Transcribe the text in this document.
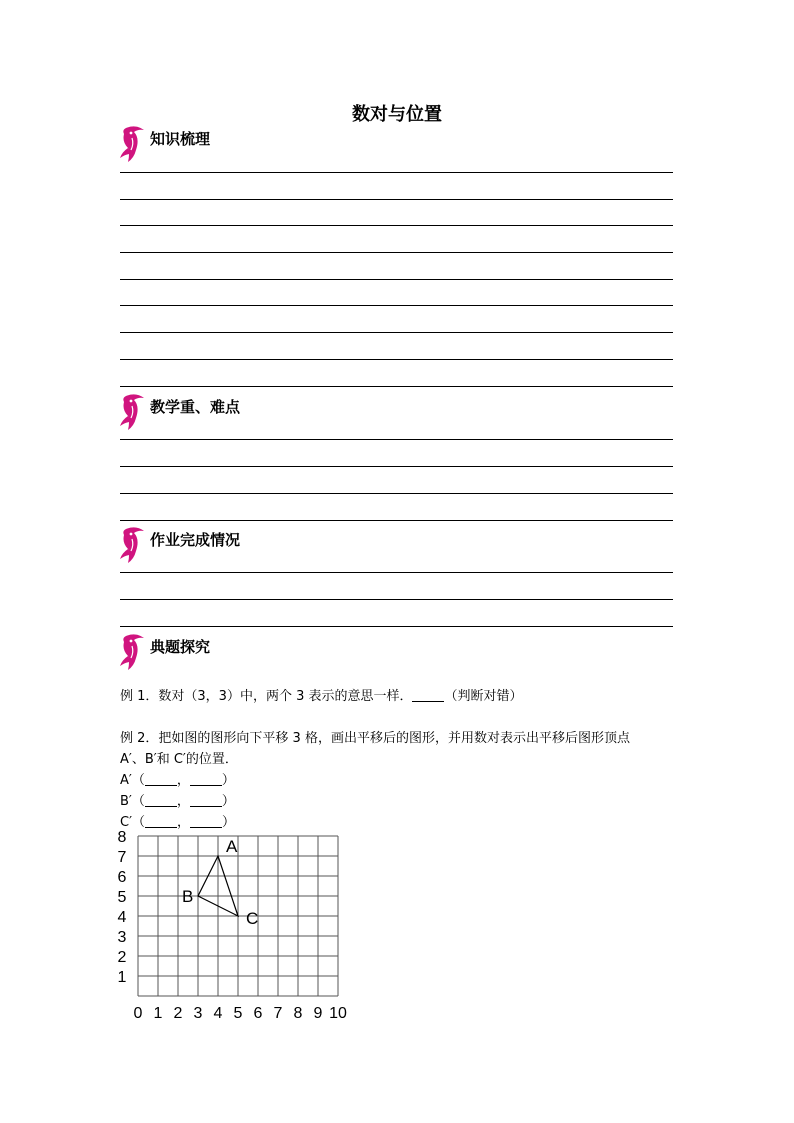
数对与位置
知识梳理
教学重、难点
作业完成情况
典题探究
例 1．数对（3，3）中，两个 3 表示的意思一样． （判断对错）
例 2．把如图的图形向下平移 3 格，画出平移后的图形，并用数对表示出平移后图形顶点
A′、B′和 C′的位置．
A′（ ， ）
B′（ ， ）
C′（ ， ）
0 1 2 3 4 5 6 7 8 9 10
1
2
3
4
5
6
7
8	A
B
C
